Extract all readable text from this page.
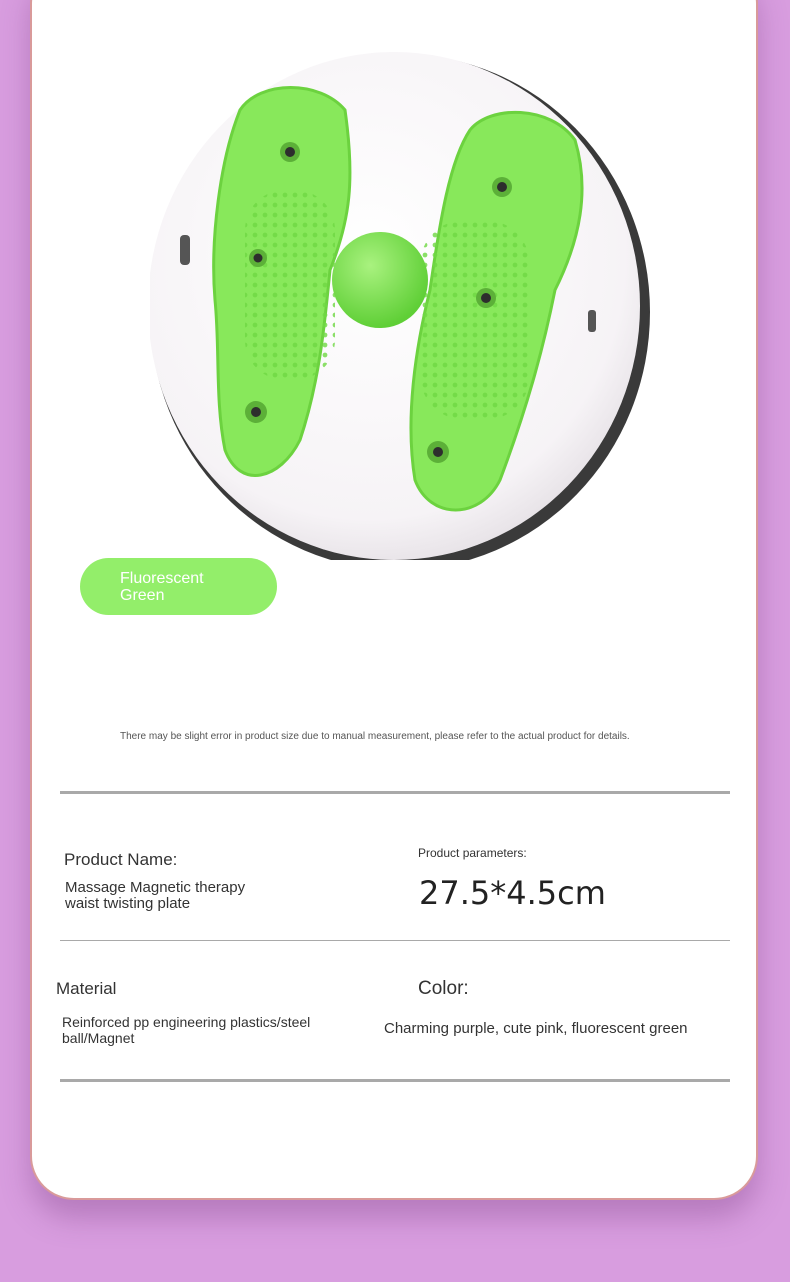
Fluorescent Green
There may be slight error in product size due to manual measurement, please refer to the actual product for details.
Product Name:
Massage Magnetic therapy waist twisting plate
Product parameters:
27.5*4.5cm
Material
Reinforced pp engineering plastics/steel ball/Magnet
Color:
Charming purple, cute pink, fluorescent green
